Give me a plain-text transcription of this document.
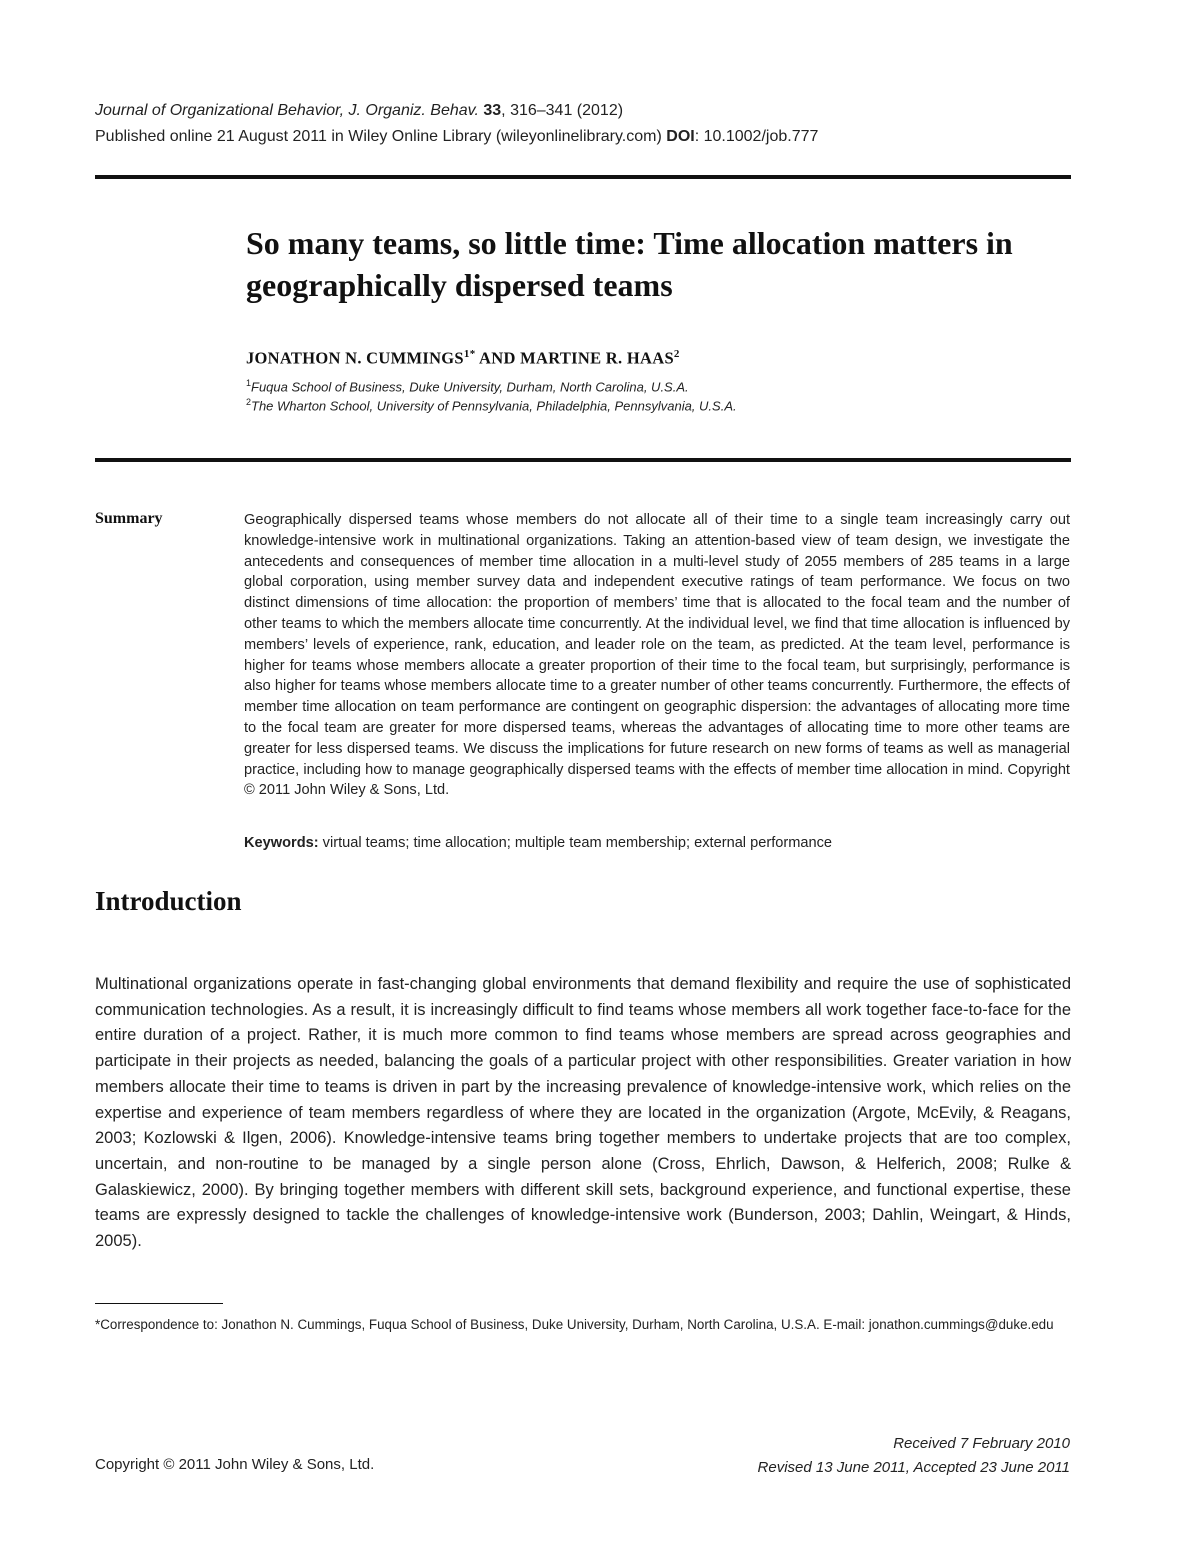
Journal of Organizational Behavior, J. Organiz. Behav. 33, 316–341 (2012)
Published online 21 August 2011 in Wiley Online Library (wileyonlinelibrary.com) DOI: 10.1002/job.777
So many teams, so little time: Time allocation matters in geographically dispersed teams
JONATHON N. $CUMMINGS^{1*}$ AND MARTINE R. HAAS$^2$
$^1$Fuqua School of Business, Duke University, Durham, North Carolina, U.S.A.
$^2$The Wharton School, University of Pennsylvania, Philadelphia, Pennsylvania, U.S.A.
Summary	Geographically dispersed teams whose members do not allocate all of their time to a single team increasingly carry out knowledge-intensive work in multinational organizations. Taking an attention-based view of team design, we investigate the antecedents and consequences of member time allocation in a multi-level study of 2055 members of 285 teams in a large global corporation, using member survey data and independent executive ratings of team performance. We focus on two distinct dimensions of time allocation: the proportion of members’ time that is allocated to the focal team and the number of other teams to which the members allocate time concurrently. At the individual level, we find that time allocation is influenced by members’ levels of experience, rank, education, and leader role on the team, as predicted. At the team level, performance is higher for teams whose members allocate a greater proportion of their time to the focal team, but surprisingly, performance is also higher for teams whose members allocate time to a greater number of other teams concurrently. Furthermore, the effects of member time allocation on team performance are contingent on geographic dispersion: the advantages of allocating more time to the focal team are greater for more dispersed teams, whereas the advantages of allocating time to more other teams are greater for less dispersed teams. We discuss the implications for future research on new forms of teams as well as managerial practice, including how to manage geographically dispersed teams with the effects of member time allocation in mind. Copyright © 2011 John Wiley & Sons, Ltd.

Keywords: virtual teams; time allocation; multiple team membership; external performance
Introduction

Multinational organizations operate in fast-changing global environments that demand flexibility and require the use of sophisticated communication technologies. As a result, it is increasingly difficult to find teams whose members all work together face-to-face for the entire duration of a project. Rather, it is much more common to find teams whose members are spread across geographies and participate in their projects as needed, balancing the goals of a particular project with other responsibilities. Greater variation in how members allocate their time to teams is driven in part by the increasing prevalence of knowledge-intensive work, which relies on the expertise and experience of team members regardless of where they are located in the organization (Argote, McEvily, & Reagans, 2003; Kozlowski & Ilgen, 2006). Knowledge-intensive teams bring together members to undertake projects that are too complex, uncertain, and non-routine to be managed by a single person alone (Cross, Ehrlich, Dawson, & Helferich, 2008; Rulke & Galaskiewicz, 2000). By bringing together members with different skill sets, background experience, and functional expertise, these teams are expressly designed to tackle the challenges of knowledge-intensive work (Bunderson, 2003; Dahlin, Weingart, & Hinds, 2005).

*Correspondence to: Jonathon N. Cummings, Fuqua School of Business, Duke University, Durham, North Carolina, U.S.A. E-mail: jonathon.cummings@duke.edu

Received 7 February 2010
Revised 13 June 2011, Accepted 23 June 2011
Copyright © 2011 John Wiley & Sons, Ltd.
